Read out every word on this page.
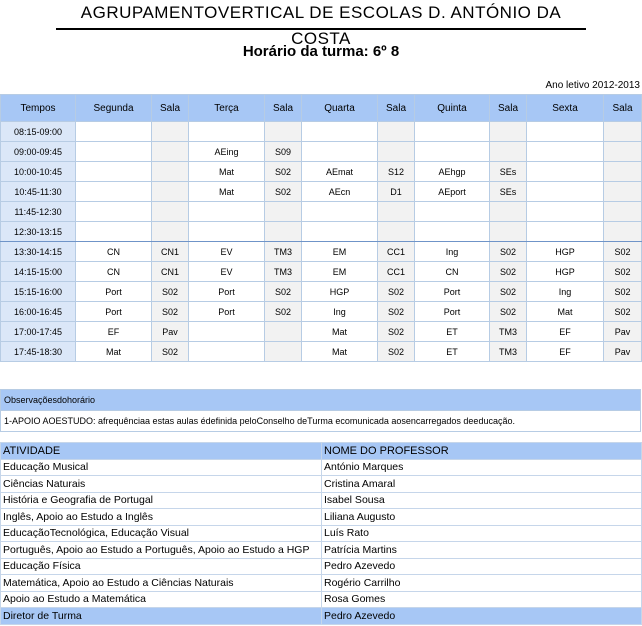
AGRUPAMENTOVERTICAL DE ESCOLAS D. ANTÓNIO DA COSTA
Horário da turma: 6º 8
Ano letivo 2012-2013
Tempos	Segunda	Sala	Terça	Sala	Quarta	Sala	Quinta	Sala	Sexta	Sala
08:15-09:00										
09:00-09:45			AEing	S09						
10:00-10:45			Mat	S02	AEmat	S12	AEhgp	SEs		
10:45-11:30			Mat	S02	AEcn	D1	AEport	SEs		
11:45-12:30										
12:30-13:15										
13:30-14:15	CN	CN1	EV	TM3	EM	CC1	Ing	S02	HGP	S02
14:15-15:00	CN	CN1	EV	TM3	EM	CC1	CN	S02	HGP	S02
15:15-16:00	Port	S02	Port	S02	HGP	S02	Port	S02	Ing	S02
16:00-16:45	Port	S02	Port	S02	Ing	S02	Port	S02	Mat	S02
17:00-17:45	EF	Pav			Mat	S02	ET	TM3	EF	Pav
17:45-18:30	Mat	S02			Mat	S02	ET	TM3	EF	Pav
Observaçõesdohorário
1-APOIO AOESTUDO: afrequênciaa estas aulas édefinida peloConselho deTurma ecomunicada aosencarregados deeducação.
ATIVIDADE	NOME DO PROFESSOR
Educação Musical	António Marques
Ciências Naturais	Cristina Amaral
História e Geografia de Portugal	Isabel Sousa
Inglês, Apoio ao Estudo a Inglês	Liliana Augusto
EducaçãoTecnológica, Educação Visual	Luís Rato
Português, Apoio ao Estudo a Português, Apoio ao Estudo a HGP	Patrícia Martins
Educação Física	Pedro Azevedo
Matemática, Apoio ao Estudo a Ciências Naturais	Rogério Carrilho
Apoio ao Estudo a Matemática	Rosa Gomes
Diretor de Turma	Pedro Azevedo
